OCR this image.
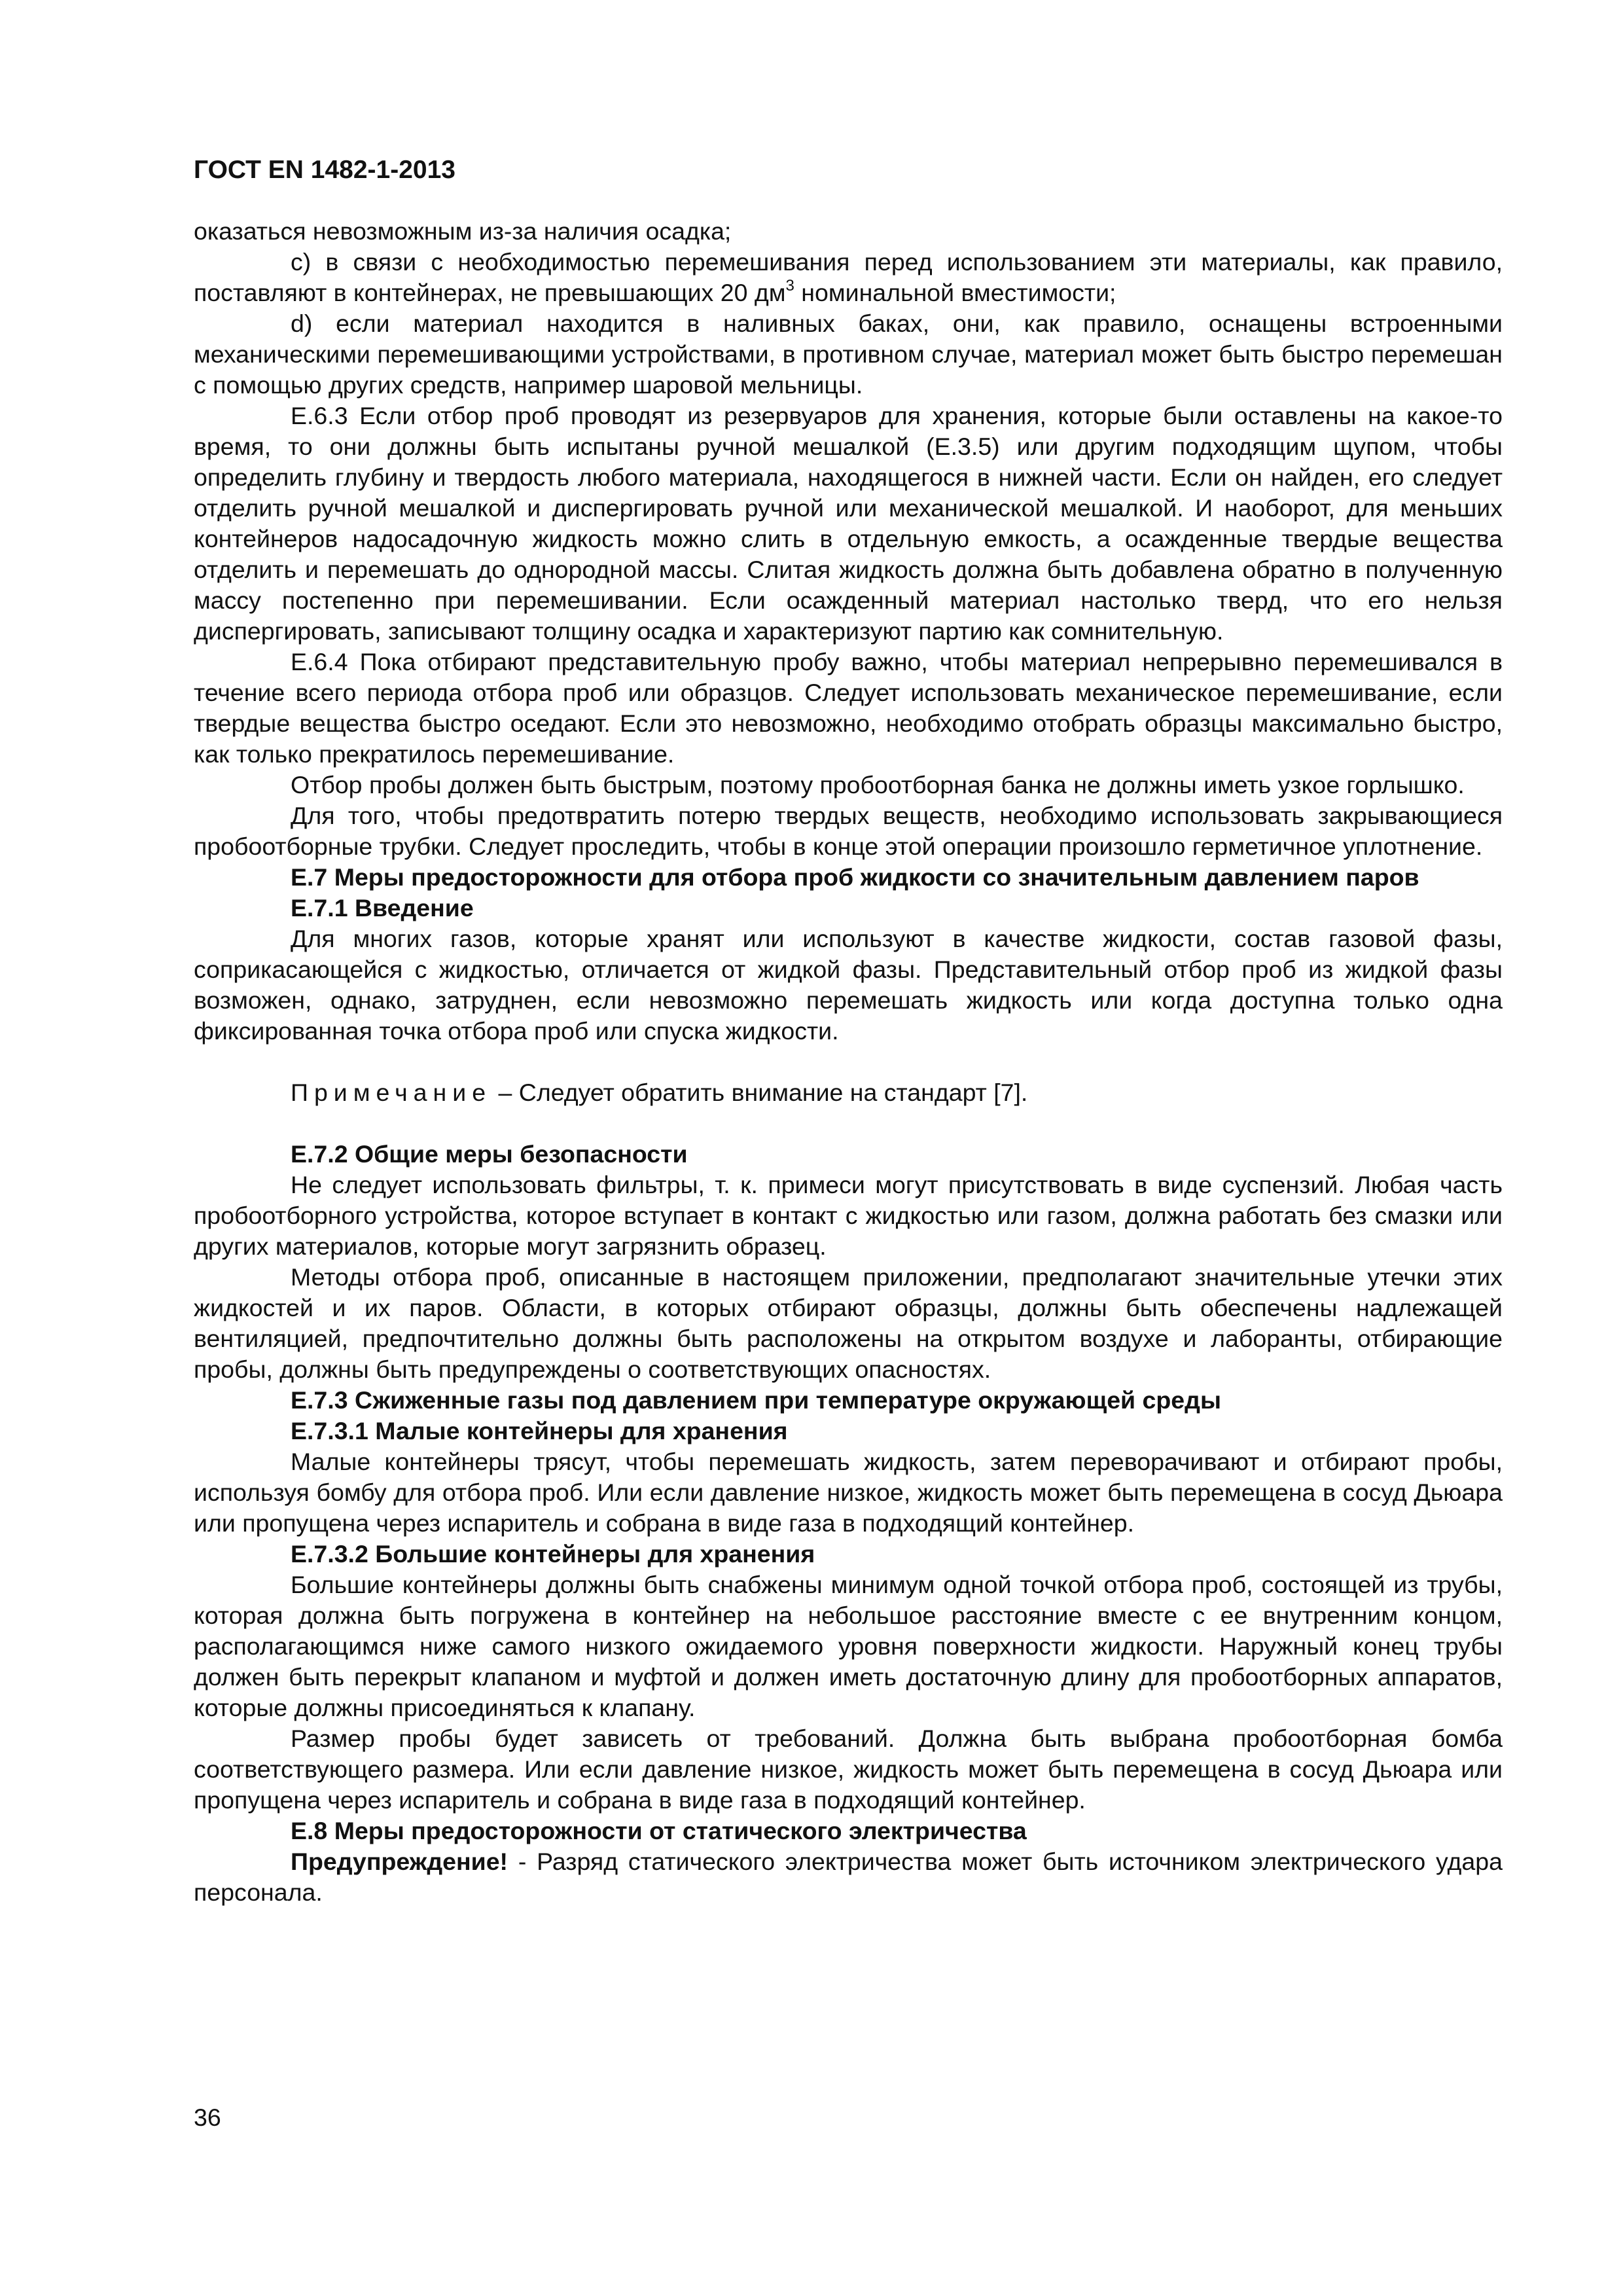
ГОСТ EN 1482-1-2013

оказаться невозможным из-за наличия осадка;

c) в связи с необходимостью перемешивания перед использованием эти материалы, как правило, поставляют в контейнерах, не превышающих 20 $дм^3$ номинальной вместимости;

d) если материал находится в наливных баках, они, как правило, оснащены встроенными механическими перемешивающими устройствами, в противном случае, материал может быть быстро перемешан с помощью других средств, например шаровой мельницы.

E.6.3 Если отбор проб проводят из резервуаров для хранения, которые были оставлены на какое-то время, то они должны быть испытаны ручной мешалкой (E.3.5) или другим подходящим щупом, чтобы определить глубину и твердость любого материала, находящегося в нижней части. Если он найден, его следует отделить ручной мешалкой и диспергировать ручной или механической мешалкой. И наоборот, для меньших контейнеров надосадочную жидкость можно слить в отдельную емкость, а осажденные твердые вещества отделить и перемешать до однородной массы. Слитая жидкость должна быть добавлена обратно в полученную массу постепенно при перемешивании. Если осажденный материал настолько тверд, что его нельзя диспергировать, записывают толщину осадка и характеризуют партию как сомнительную.

E.6.4 Пока отбирают представительную пробу важно, чтобы материал непрерывно перемешивался в течение всего периода отбора проб или образцов. Следует использовать механическое перемешивание, если твердые вещества быстро оседают. Если это невозможно, необходимо отобрать образцы максимально быстро, как только прекратилось перемешивание.

Отбор пробы должен быть быстрым, поэтому пробоотборная банка не должны иметь узкое горлышко.

Для того, чтобы предотвратить потерю твердых веществ, необходимо использовать закрывающиеся пробоотборные трубки. Следует проследить, чтобы в конце этой операции произошло герметичное уплотнение.

E.7 Меры предосторожности для отбора проб жидкости со значительным давлением паров

E.7.1 Введение

Для многих газов, которые хранят или используют в качестве жидкости, состав газовой фазы, соприкасающейся с жидкостью, отличается от жидкой фазы. Представительный отбор проб из жидкой фазы возможен, однако, затруднен, если невозможно перемешать жидкость или когда доступна только одна фиксированная точка отбора проб или спуска жидкости.

Примечание – Следует обратить внимание на стандарт [7].

E.7.2 Общие меры безопасности

Не следует использовать фильтры, т. к. примеси могут присутствовать в виде суспензий. Любая часть пробоотборного устройства, которое вступает в контакт с жидкостью или газом, должна работать без смазки или других материалов, которые могут загрязнить образец.

Методы отбора проб, описанные в настоящем приложении, предполагают значительные утечки этих жидкостей и их паров. Области, в которых отбирают образцы, должны быть обеспечены надлежащей вентиляцией, предпочтительно должны быть расположены на открытом воздухе и лаборанты, отбирающие пробы, должны быть предупреждены о соответствующих опасностях.

E.7.3 Сжиженные газы под давлением при температуре окружающей среды

E.7.3.1 Малые контейнеры для хранения

Малые контейнеры трясут, чтобы перемешать жидкость, затем переворачивают и отбирают пробы, используя бомбу для отбора проб. Или если давление низкое, жидкость может быть перемещена в сосуд Дьюара или пропущена через испаритель и собрана в виде газа в подходящий контейнер.

E.7.3.2 Большие контейнеры для хранения

Большие контейнеры должны быть снабжены минимум одной точкой отбора проб, состоящей из трубы, которая должна быть погружена в контейнер на небольшое расстояние вместе с ее внутренним концом, располагающимся ниже самого низкого ожидаемого уровня поверхности жидкости. Наружный конец трубы должен быть перекрыт клапаном и муфтой и должен иметь достаточную длину для пробоотборных аппаратов, которые должны присоединяться к клапану.

Размер пробы будет зависеть от требований. Должна быть выбрана пробоотборная бомба соответствующего размера. Или если давление низкое, жидкость может быть перемещена в сосуд Дьюара или пропущена через испаритель и собрана в виде газа в подходящий контейнер.

E.8 Меры предосторожности от статического электричества

Предупреждение! - Разряд статического электричества может быть источником электрического удара персонала.

36
